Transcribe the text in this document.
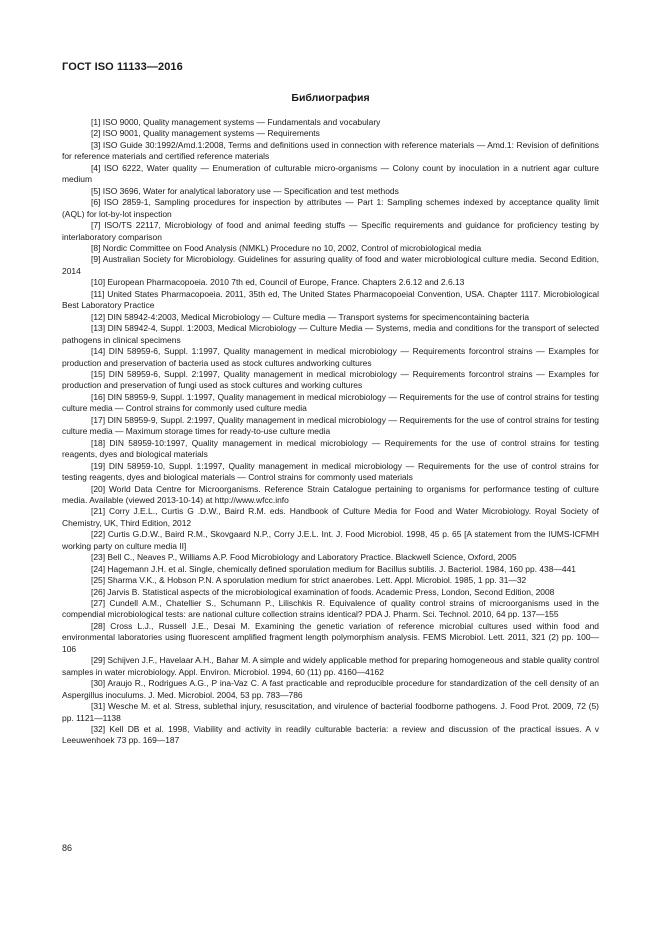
ГОСТ ISO 11133—2016
Библиография
[1] ISO 9000, Quality management systems — Fundamentals and vocabulary
[2] ISO 9001, Quality management systems — Requirements
[3] ISO Guide 30:1992/Amd.1:2008, Terms and definitions used in connection with reference materials — Amd.1: Revision of definitions for reference materials and certified reference materials
[4] ISO 6222, Water quality — Enumeration of culturable micro-organisms — Colony count by inoculation in a nutrient agar culture medium
[5] ISO 3696, Water for analytical laboratory use — Specification and test methods
[6] ISO 2859-1, Sampling procedures for inspection by attributes — Part 1: Sampling schemes indexed by acceptance quality limit (AQL) for lot-by-lot inspection
[7] ISO/TS 22117, Microbiology of food and animal feeding stuffs — Specific requirements and guidance for proficiency testing by interlaboratory comparison
[8] Nordic Committee on Food Analysis (NMKL) Procedure no 10, 2002, Control of microbiological media
[9] Australian Society for Microbiology. Guidelines for assuring quality of food and water microbiological culture media. Second Edition, 2014
[10] European Pharmacopoeia. 2010 7th ed, Council of Europe, France. Chapters 2.6.12 and 2.6.13
[11] United States Pharmacopoeia. 2011, 35th ed, The United States Pharmacopoeial Convention, USA. Chapter 1117. Microbiological Best Laboratory Practice
[12] DIN 58942-4:2003, Medical Microbiology — Culture media — Transport systems for specimencontaining bacteria
[13] DIN 58942-4, Suppl. 1:2003, Medical Microbiology — Culture Media — Systems, media and conditions for the transport of selected pathogens in clinical specimens
[14] DIN 58959-6, Suppl. 1:1997, Quality management in medical microbiology — Requirements forcontrol strains — Examples for production and preservation of bacteria used as stock cultures andworking cultures
[15] DIN 58959-6, Suppl. 2:1997, Quality management in medical microbiology — Requirements forcontrol strains — Examples for production and preservation of fungi used as stock cultures and working cultures
[16] DIN 58959-9, Suppl. 1:1997, Quality management in medical microbiology — Requirements for the use of control strains for testing culture media — Control strains for commonly used culture media
[17] DIN 58959-9, Suppl. 2:1997, Quality management in medical microbiology — Requirements for the use of control strains for testing culture media — Maximum storage times for ready-to-use culture media
[18] DIN 58959-10:1997, Quality management in medical microbiology — Requirements for the use of control strains for testing reagents, dyes and biological materials
[19] DIN 58959-10, Suppl. 1:1997, Quality management in medical microbiology — Requirements for the use of control strains for testing reagents, dyes and biological materials — Control strains for commonly used materials
[20] World Data Centre for Microorganisms. Reference Strain Catalogue pertaining to organisms for performance testing of culture media. Available (viewed 2013-10-14) at http://www.wfcc.info
[21] Corry J.E.L., Curtis G .D.W., Baird R.M. eds. Handbook of Culture Media for Food and Water Microbiology. Royal Society of Chemistry, UK, Third Edition, 2012
[22] Curtis G.D.W., Baird R.M., Skovgaard N.P., Corry J.E.L. Int. J. Food Microbiol. 1998, 45 p. 65 [A statement from the IUMS-ICFMH working party on culture media II]
[23] Bell C., Neaves P., Williams A.P. Food Microbiology and Laboratory Practice. Blackwell Science, Oxford, 2005
[24] Hagemann J.H. et al. Single, chemically defined sporulation medium for Bacillus subtilis. J. Bacteriol. 1984, 160 pp. 438—441
[25] Sharma V.K., & Hobson P.N. A sporulation medium for strict anaerobes. Lett. Appl. Microbiol. 1985, 1 pp. 31—32
[26] Jarvis B. Statistical aspects of the microbiological examination of foods. Academic Press, London, Second Edition, 2008
[27] Cundell A.M., Chatellier S., Schumann P., Lilischkis R. Equivalence of quality control strains of microorganisms used in the compendial microbiological tests: are national culture collection strains identical? PDA J. Pharm. Sci. Technol. 2010, 64 pp. 137—155
[28] Cross L.J., Russell J.E., Desai M. Examining the genetic variation of reference microbial cultures used within food and environmental laboratories using fluorescent amplified fragment length polymorphism analysis. FEMS Microbiol. Lett. 2011, 321 (2) pp. 100—106
[29] Schijven J.F., Havelaar A.H., Bahar M. A simple and widely applicable method for preparing homogeneous and stable quality control samples in water microbiology. Appl. Environ. Microbiol. 1994, 60 (11) pp. 4160—4162
[30] Araujo R., Rodrigues A.G., P ina-Vaz C. A fast practicable and reproducible procedure for standardization of the cell density of an Aspergillus inoculums. J. Med. Microbiol. 2004, 53 pp. 783—786
[31] Wesche M. et al. Stress, sublethal injury, resuscitation, and virulence of bacterial foodborne pathogens. J. Food Prot. 2009, 72 (5) pp. 1121—1138
[32] Kell DB et al. 1998, Viability and activity in readily culturable bacteria: a review and discussion of the practical issues. A v Leeuwenhoek 73 pp. 169—187
86
